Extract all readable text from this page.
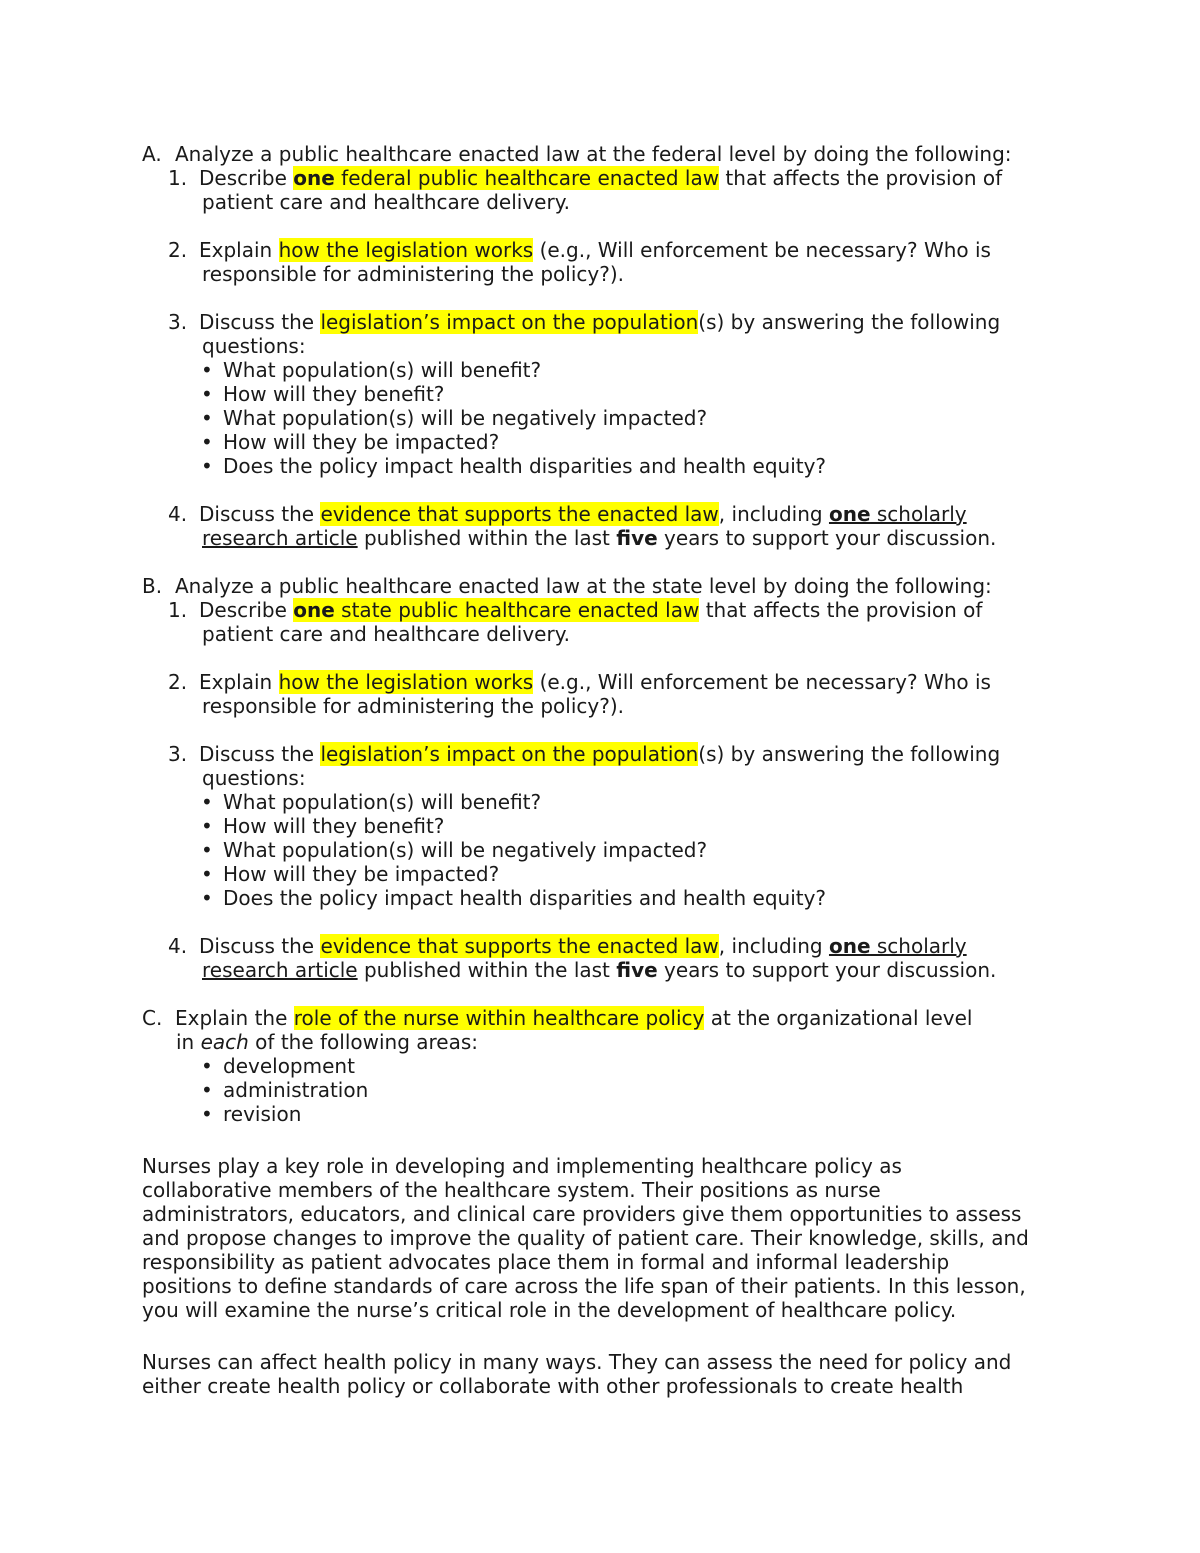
A. Analyze a public healthcare enacted law at the federal level by doing the following:
1. Describe one federal public healthcare enacted law that affects the provision of
patient care and healthcare delivery.
2. Explain how the legislation works (e.g., Will enforcement be necessary? Who is
responsible for administering the policy?).
3. Discuss the legislation’s impact on the population(s) by answering the following
questions:
• What population(s) will benefit?
• How will they benefit?
• What population(s) will be negatively impacted?
• How will they be impacted?
• Does the policy impact health disparities and health equity?
4. Discuss the evidence that supports the enacted law, including one scholarly
research article published within the last five years to support your discussion.
B. Analyze a public healthcare enacted law at the state level by doing the following:
1. Describe one state public healthcare enacted law that affects the provision of
patient care and healthcare delivery.
2. Explain how the legislation works (e.g., Will enforcement be necessary? Who is
responsible for administering the policy?).
3. Discuss the legislation’s impact on the population(s) by answering the following
questions:
• What population(s) will benefit?
• How will they benefit?
• What population(s) will be negatively impacted?
• How will they be impacted?
• Does the policy impact health disparities and health equity?
4. Discuss the evidence that supports the enacted law, including one scholarly
research article published within the last five years to support your discussion.
C. Explain the role of the nurse within healthcare policy at the organizational level
in each of the following areas:
• development
• administration
• revision
Nurses play a key role in developing and implementing healthcare policy as
collaborative members of the healthcare system. Their positions as nurse
administrators, educators, and clinical care providers give them opportunities to assess
and propose changes to improve the quality of patient care. Their knowledge, skills, and
responsibility as patient advocates place them in formal and informal leadership
positions to define standards of care across the life span of their patients. In this lesson,
you will examine the nurse’s critical role in the development of healthcare policy.
Nurses can affect health policy in many ways. They can assess the need for policy and
either create health policy or collaborate with other professionals to create health
